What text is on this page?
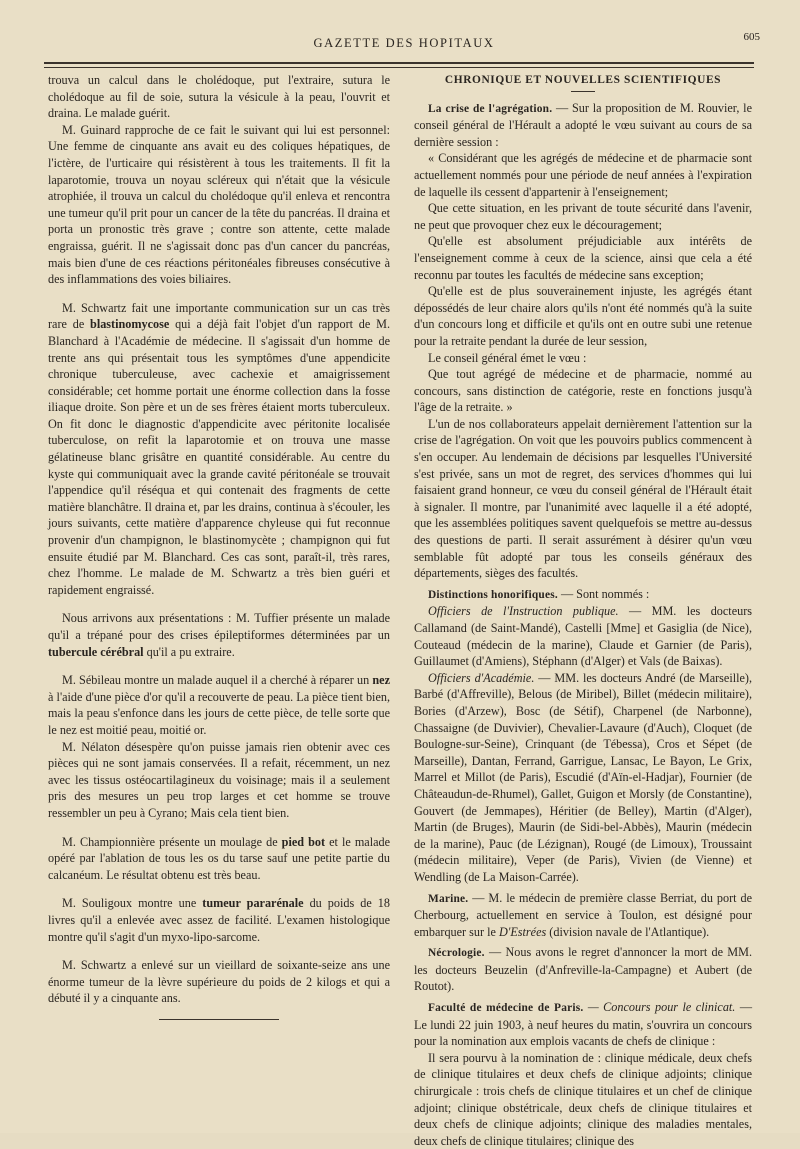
GAZETTE DES HOPITAUX	605

trouva un calcul dans le cholédoque, put l'extraire, sutura le cholédoque au fil de soie, sutura la vésicule à la peau, l'ouvrit et draina. Le malade guérit.

M. Guinard rapproche de ce fait le suivant qui lui est personnel: Une femme de cinquante ans avait eu des coliques hépatiques, de l'ictère, de l'urticaire qui résistèrent à tous les traitements. Il fit la laparotomie, trouva un noyau scléreux qui n'était que la vésicule atrophiée, il trouva un calcul du cholédoque qu'il enleva et rencontra une tumeur qu'il prit pour un cancer de la tête du pancréas. Il draina et porta un pronostic très grave ; contre son attente, cette malade engraissa, guérit. Il ne s'agissait donc pas d'un cancer du pancréas, mais bien d'une de ces réactions péritonéales fibreuses consécutive à des inflammations des voies biliaires.

M. Schwartz fait une importante communication sur un cas très rare de blastinomycose qui a déjà fait l'objet d'un rapport de M. Blanchard à l'Académie de médecine. Il s'agissait d'un homme de trente ans qui présentait tous les symptômes d'une appendicite chronique tuberculeuse, avec cachexie et amaigrissement considérable; cet homme portait une énorme collection dans la fosse iliaque droite. Son père et un de ses frères étaient morts tuberculeux. On fit donc le diagnostic d'appendicite avec péritonite localisée tuberculose, on refit la laparotomie et on trouva une masse gélatineuse blanc grisâtre en quantité considérable. Au centre du kyste qui communiquait avec la grande cavité péritonéale se trouvait l'appendice qu'il réséqua et qui contenait des fragments de cette matière blanchâtre. Il draina et, par les drains, continua à s'écouler, les jours suivants, cette matière d'apparence chyleuse qui fut reconnue provenir d'un champignon, le blastinomycète ; champignon qui fut ensuite étudié par M. Blanchard. Ces cas sont, paraît-il, très rares, chez l'homme. Le malade de M. Schwartz a très bien guéri et rapidement engraissé.

Nous arrivons aux présentations : M. Tuffier présente un malade qu'il a trépané pour des crises épileptiformes déterminées par un tubercule cérébral qu'il a pu extraire.

M. Sébileau montre un malade auquel il a cherché à réparer un nez à l'aide d'une pièce d'or qu'il a recouverte de peau. La pièce tient bien, mais la peau s'enfonce dans les jours de cette pièce, de telle sorte que le nez est moitié peau, moitié or.

M. Nélaton désespère qu'on puisse jamais rien obtenir avec ces pièces qui ne sont jamais conservées. Il a refait, récemment, un nez avec les tissus ostéocartilagineux du voisinage; mais il a seulement pris des mesures un peu trop larges et cet homme se trouve ressembler un peu à Cyrano; Mais cela tient bien.

M. Championnière présente un moulage de pied bot et le malade opéré par l'ablation de tous les os du tarse sauf une petite partie du calcanéum. Le résultat obtenu est très beau.

M. Souligoux montre une tumeur pararénale du poids de 18 livres qu'il a enlevée avec assez de facilité. L'examen histologique montre qu'il s'agit d'un myxo-lipo-sarcome.

M. Schwartz a enlevé sur un vieillard de soixante-seize ans une énorme tumeur de la lèvre supérieure du poids de 2 kilogs et qui a débuté il y a cinquante ans.

CHRONIQUE ET NOUVELLES SCIENTIFIQUES

La crise de l'agrégation. — Sur la proposition de M. Rouvier, le conseil général de l'Hérault a adopté le vœu suivant au cours de sa dernière session :

« Considérant que les agrégés de médecine et de pharmacie sont actuellement nommés pour une période de neuf années à l'expiration de laquelle ils cessent d'appartenir à l'enseignement;

Que cette situation, en les privant de toute sécurité dans l'avenir, ne peut que provoquer chez eux le découragement;

Qu'elle est absolument préjudiciable aux intérêts de l'enseignement comme à ceux de la science, ainsi que cela a été reconnu par toutes les facultés de médecine sans exception;

Qu'elle est de plus souverainement injuste, les agrégés étant dépossédés de leur chaire alors qu'ils n'ont été nommés qu'à la suite d'un concours long et difficile et qu'ils ont en outre subi une retenue pour la retraite pendant la durée de leur session,

Le conseil général émet le vœu :

Que tout agrégé de médecine et de pharmacie, nommé au concours, sans distinction de catégorie, reste en fonctions jusqu'à l'âge de la retraite. »

L'un de nos collaborateurs appelait dernièrement l'attention sur la crise de l'agrégation. On voit que les pouvoirs publics commencent à s'en occuper. Au lendemain de décisions par lesquelles l'Université s'est privée, sans un mot de regret, des services d'hommes qui lui faisaient grand honneur, ce vœu du conseil général de l'Hérault était à signaler. Il montre, par l'unanimité avec laquelle il a été adopté, que les assemblées politiques savent quelquefois se mettre au-dessus des questions de parti. Il serait assurément à désirer qu'un vœu semblable fût adopté par tous les conseils généraux des départements, sièges des facultés.

Distinctions honorifiques. — Sont nommés :

Officiers de l'Instruction publique. — MM. les docteurs Callamand (de Saint-Mandé), Castelli [Mme] et Gasiglia (de Nice), Couteaud (médecin de la marine), Claude et Garnier (de Paris), Guillaumet (d'Amiens), Stéphann (d'Alger) et Vals (de Baixas).

Officiers d'Académie. — MM. les docteurs André (de Marseille), Barbé (d'Affreville), Belous (de Miribel), Billet (médecin militaire), Bories (d'Arzew), Bosc (de Sétif), Charpenel (de Narbonne), Chassaigne (de Duvivier), Chevalier-Lavaure (d'Auch), Cloquet (de Boulogne-sur-Seine), Crinquant (de Tébessa), Cros et Sépet (de Marseille), Dantan, Ferrand, Garrigue, Lansac, Le Bayon, Le Grix, Marrel et Millot (de Paris), Escudié (d'Aïn-el-Hadjar), Fournier (de Châteaudun-de-Rhumel), Gallet, Guigon et Morsly (de Constantine), Gouvert (de Jemmapes), Héritier (de Belley), Martin (d'Alger), Martin (de Bruges), Maurin (de Sidi-bel-Abbès), Maurin (médecin de la marine), Pauc (de Lézignan), Rougé (de Limoux), Troussaint (médecin militaire), Veper (de Paris), Vivien (de Vienne) et Wendling (de La Maison-Carrée).

Marine. — M. le médecin de première classe Berriat, du port de Cherbourg, actuellement en service à Toulon, est désigné pour embarquer sur le D'Estrées (division navale de l'Atlantique).

Nécrologie. — Nous avons le regret d'annoncer la mort de MM. les docteurs Beuzelin (d'Anfreville-la-Campagne) et Aubert (de Routot).

Faculté de médecine de Paris. — Concours pour le clinicat. — Le lundi 22 juin 1903, à neuf heures du matin, s'ouvrira un concours pour la nomination aux emplois vacants de chefs de clinique :

Il sera pourvu à la nomination de : clinique médicale, deux chefs de clinique titulaires et deux chefs de clinique adjoints; clinique chirurgicale : trois chefs de clinique titulaires et un chef de clinique adjoint; clinique obstétricale, deux chefs de clinique titulaires et deux chefs de clinique adjoints; clinique des maladies mentales, deux chefs de clinique titulaires; clinique des
